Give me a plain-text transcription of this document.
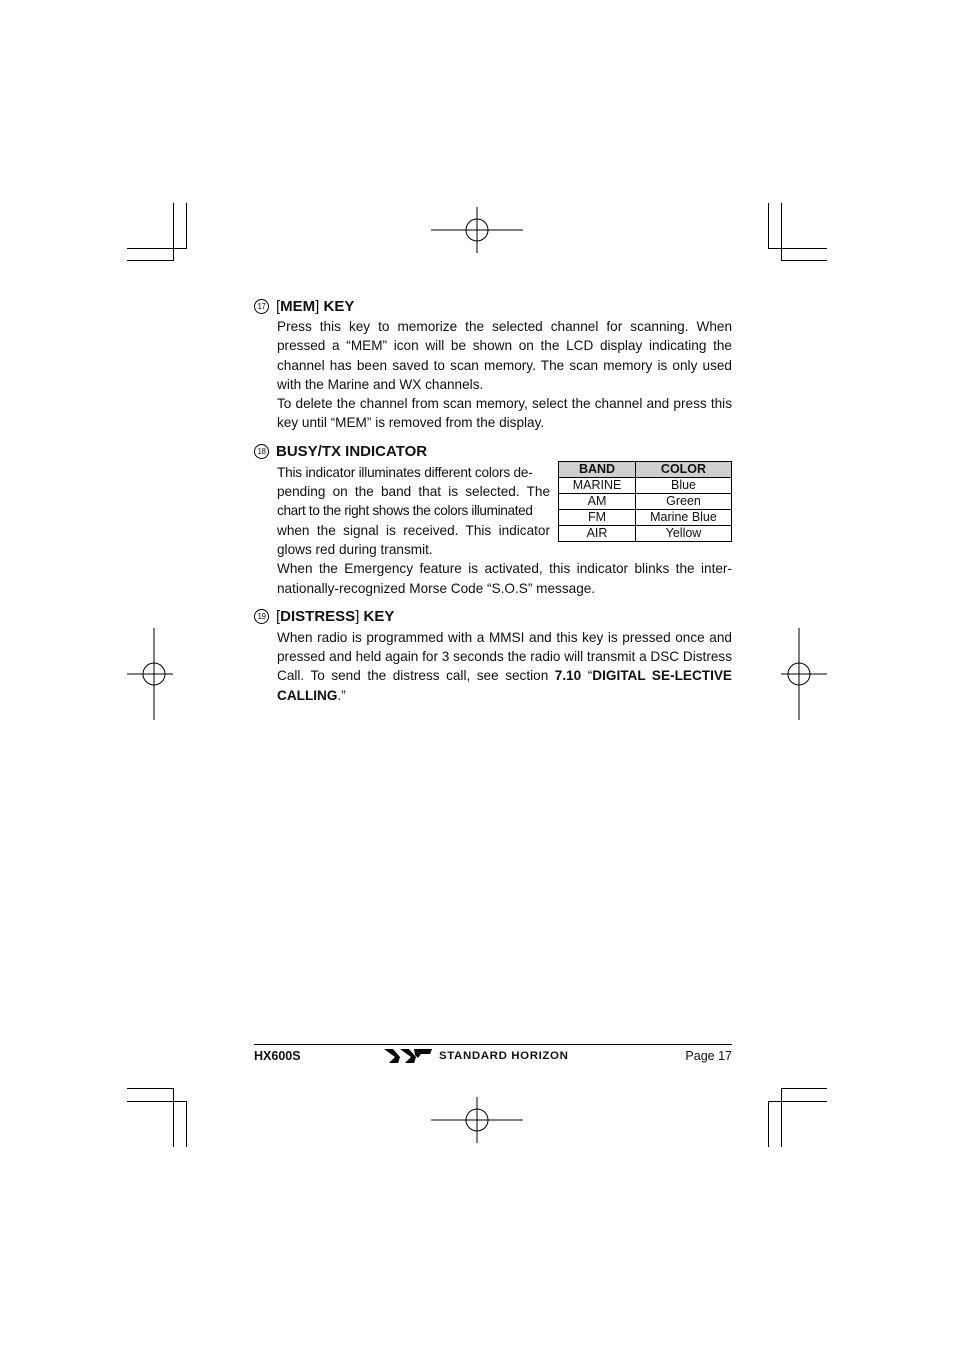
17 [MEM] KEY

Press this key to memorize the selected channel for scanning. When pressed a “MEM” icon will be shown on the LCD display indicating the channel has been saved to scan memory. The scan memory is only used with the Marine and WX channels.

To delete the channel from scan memory, select the channel and press this key until “MEM” is removed from the display.

18 BUSY/TX INDICATOR
This indicator illuminates different colors de-
pending on the band that is selected. The
chart to the right shows the colors illuminated
when the signal is received. This indicator
glows red during transmit.
BAND	COLOR
MARINE	Blue
AM	Green
FM	Marine Blue
AIR	Yellow
When the Emergency feature is activated, this indicator blinks the inter-nationally-recognized Morse Code “S.O.S” message.
19 [DISTRESS] KEY
When radio is programmed with a MMSI and this key is pressed once and pressed and held again for 3 seconds the radio will transmit a DSC Distress Call. To send the distress call, see section 7.10 “DIGITAL SE-LECTIVE CALLING.”
HX600S	STANDARD HORIZON	Page 17
